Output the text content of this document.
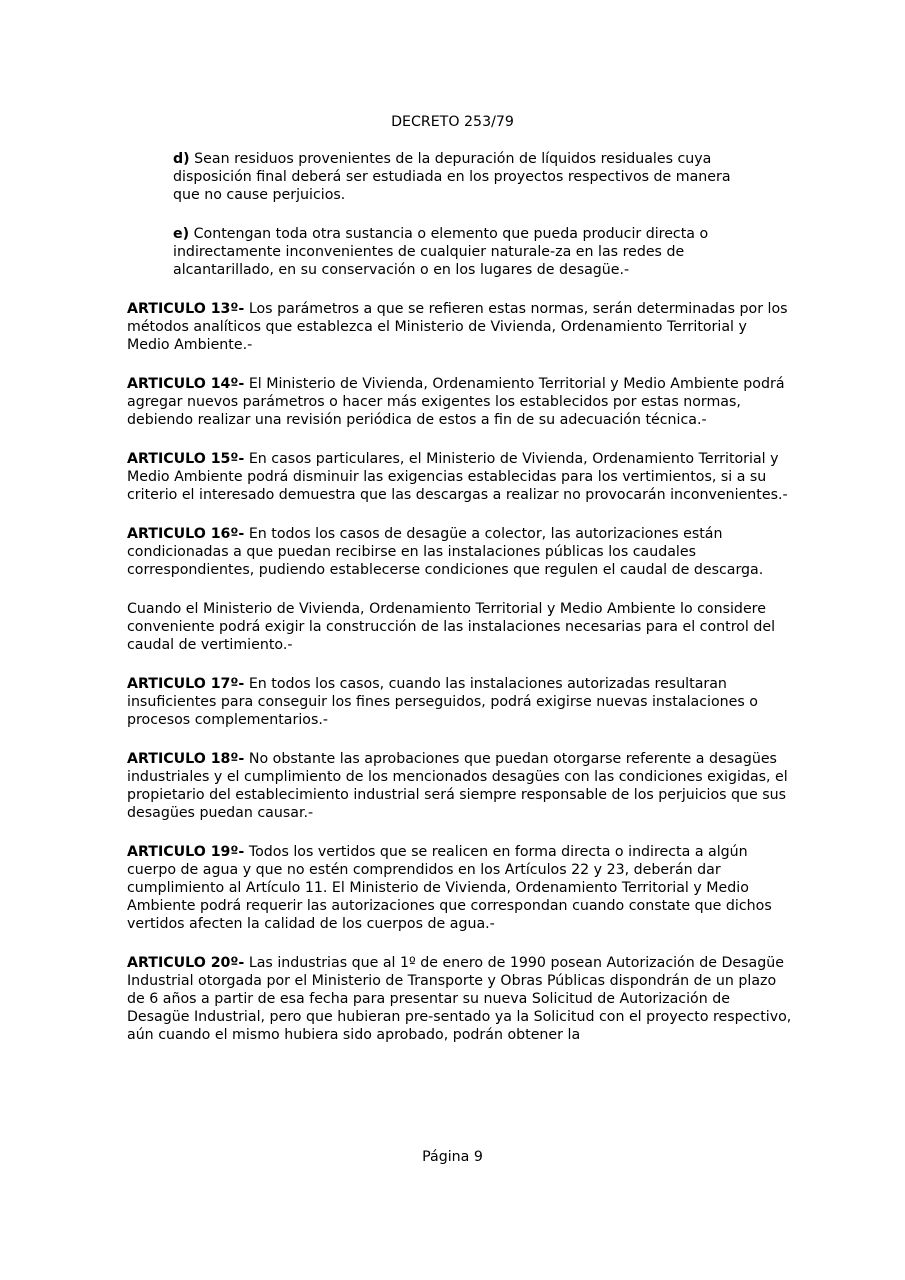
DECRETO 253/79

d) Sean residuos provenientes de la depuración de líquidos residuales cuya disposición final deberá ser estudiada en los proyectos respectivos de manera que no cause perjuicios.

e) Contengan toda otra sustancia o elemento que pueda producir directa o indirectamente inconvenientes de cualquier naturale-za en las redes de alcantarillado, en su conservación o en los lugares de desagüe.-

ARTICULO 13º- Los parámetros a que se refieren estas normas, serán determinadas por los métodos analíticos que establezca el Ministerio de Vivienda, Ordenamiento Territorial y Medio Ambiente.-

ARTICULO 14º- El Ministerio de Vivienda, Ordenamiento Territorial y Medio Ambiente podrá agregar nuevos parámetros o hacer más exigentes los establecidos por estas normas, debiendo realizar una revisión periódica de estos a fin de su adecuación técnica.-

ARTICULO 15º- En casos particulares, el Ministerio de Vivienda, Ordenamiento Territorial y Medio Ambiente podrá disminuir las exigencias establecidas para los vertimientos, si a su criterio el interesado demuestra que las descargas a realizar no provocarán inconvenientes.-

ARTICULO 16º- En todos los casos de desagüe a colector, las autorizaciones están condicionadas a que puedan recibirse en las instalaciones públicas los caudales correspondientes, pudiendo establecerse condiciones que regulen el caudal de descarga.

Cuando el Ministerio de Vivienda, Ordenamiento Territorial y Medio Ambiente lo considere conveniente podrá exigir la construcción de las instalaciones necesarias para el control del caudal de vertimiento.-

ARTICULO 17º- En todos los casos, cuando las instalaciones autorizadas resultaran insuficientes para conseguir los fines perseguidos, podrá exigirse nuevas instalaciones o procesos complementarios.-

ARTICULO 18º- No obstante las aprobaciones que puedan otorgarse referente a desagües industriales y el cumplimiento de los mencionados desagües con las condiciones exigidas, el propietario del establecimiento industrial será siempre responsable de los perjuicios que sus desagües puedan causar.-

ARTICULO 19º- Todos los vertidos que se realicen en forma directa o indirecta a algún cuerpo de agua y que no estén comprendidos en los Artículos 22 y 23, deberán dar cumplimiento al Artículo 11. El Ministerio de Vivienda, Ordenamiento Territorial y Medio Ambiente podrá requerir las autorizaciones que correspondan cuando constate que dichos vertidos afecten la calidad de los cuerpos de agua.-

ARTICULO 20º- Las industrias que al 1º de enero de 1990 posean Autorización de Desagüe Industrial otorgada por el Ministerio de Transporte y Obras Públicas dispondrán de un plazo de 6 años a partir de esa fecha para presentar su nueva Solicitud de Autorización de Desagüe Industrial, pero que hubieran pre-sentado ya la Solicitud con el proyecto respectivo, aún cuando el mismo hubiera sido aprobado, podrán obtener la

Página 9
